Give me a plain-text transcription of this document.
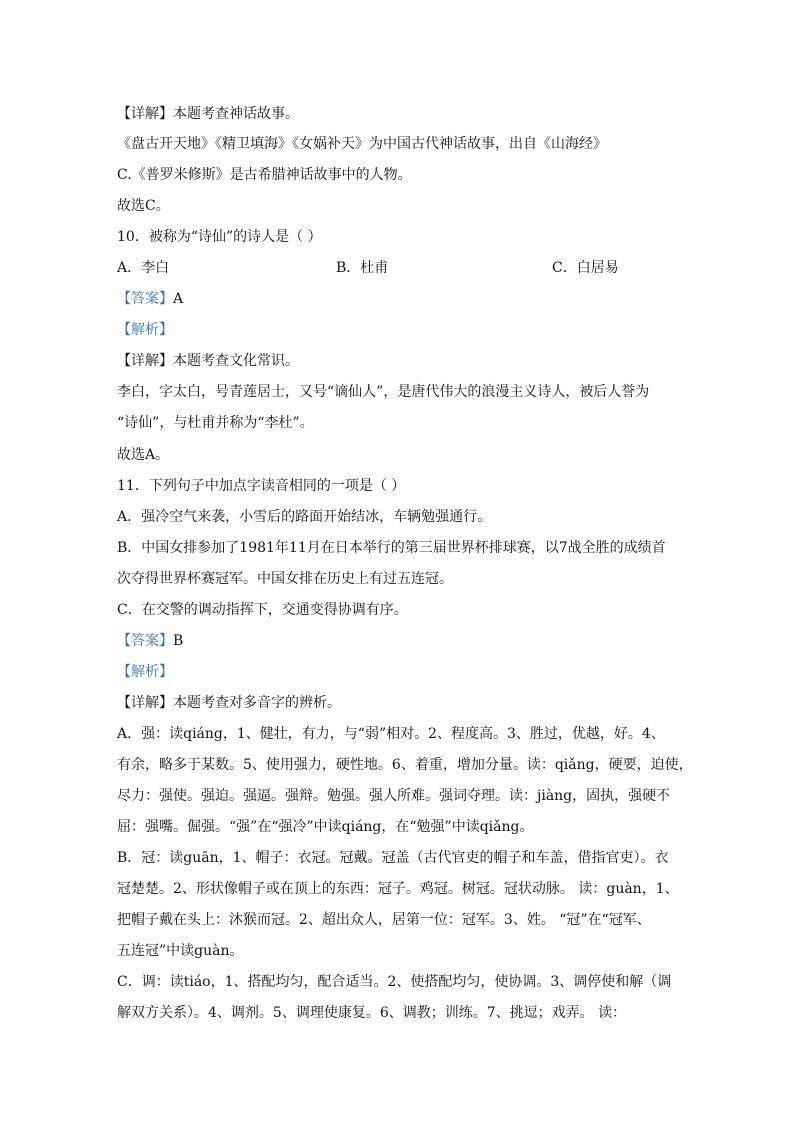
【详解】本题考查神话故事。
《盘古开天地》《精卫填海》《女娲补天》为中国古代神话故事，出自《山海经》
C.《普罗米修斯》是古希腊神话故事中的人物。
故选C。
10．被称为“诗仙”的诗人是（ ）
A．李白	B．杜甫	C．白居易
【答案】A
【解析】
【详解】本题考查文化常识。
李白，字太白，号青莲居士，又号“谪仙人”，是唐代伟大的浪漫主义诗人，被后人誉为
“诗仙”，与杜甫并称为“李杜”。
故选A。
11．下列句子中加点字读音相同的一项是（ ）
A．强冷空气来袭，小雪后的路面开始结冰，车辆勉强通行。
B．中国女排参加了1981年11月在日本举行的第三届世界杯排球赛，以7战全胜的成绩首
次夺得世界杯赛冠军。中国女排在历史上有过五连冠。
C．在交警的调动指挥下，交通变得协调有序。
【答案】B
【解析】
【详解】本题考查对多音字的辨析。
A．强：读qiáng，1、健壮，有力，与“弱”相对。2、程度高。3、胜过，优越，好。4、
有余，略多于某数。5、使用强力，硬性地。6、着重，增加分量。读：qiǎng，硬要，迫使，
尽力：强使。强迫。强逼。强辩。勉强。强人所难。强词夺理。读：jiàng，固执，强硬不
屈：强嘴。倔强。“强”在“强冷”中读qiáng，在“勉强”中读qiǎng。
B．冠：读guān，1、帽子：衣冠。冠戴。冠盖（古代官吏的帽子和车盖，借指官吏）。衣
冠楚楚。2、形状像帽子或在顶上的东西：冠子。鸡冠。树冠。冠状动脉。 读：guàn，1、
把帽子戴在头上：沐猴而冠。2、超出众人，居第一位：冠军。3、姓。 “冠”在“冠军、
五连冠”中读guàn。
C．调：读tiáo，1、搭配均匀，配合适当。2、使搭配均匀，使协调。3、调停使和解（调
解双方关系）。4、调剂。5、调理使康复。6、调教；训练。7、挑逗；戏弄。 读：
